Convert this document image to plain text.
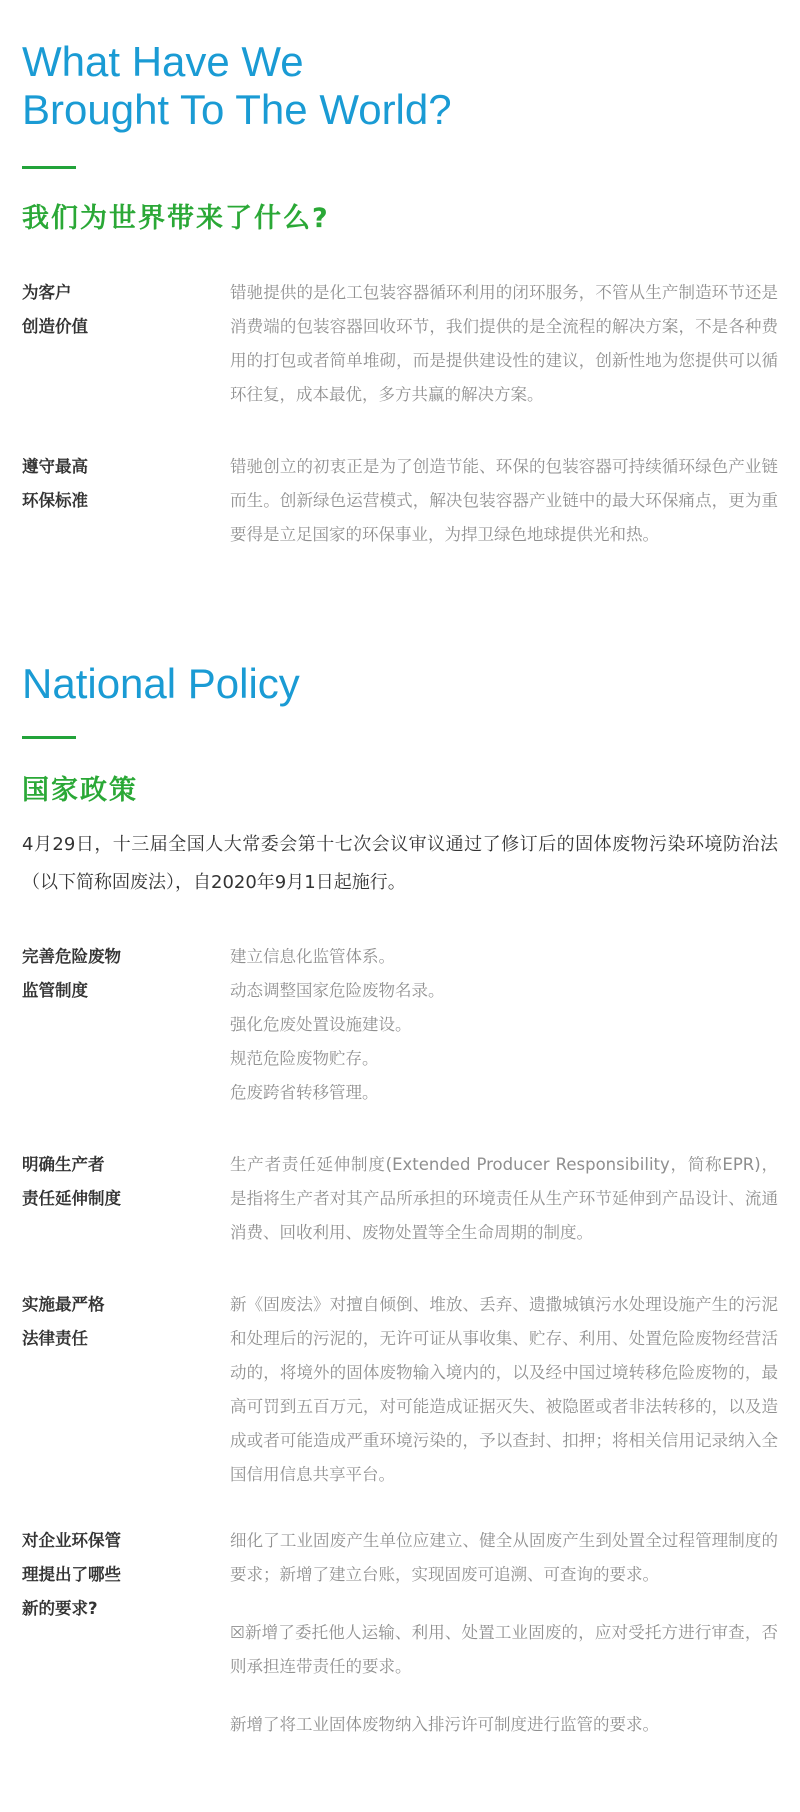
What Have We
Brought To The World?
我们为世界带来了什么?
为客户
创造价值
错驰提供的是化工包装容器循环利用的闭环服务，不管从生产制造环节还是消费端的包装容器回收环节，我们提供的是全流程的解决方案，不是各种费用的打包或者简单堆砌，而是提供建设性的建议，创新性地为您提供可以循环往复，成本最优，多方共赢的解决方案。
遵守最高
环保标准
错驰创立的初衷正是为了创造节能、环保的包装容器可持续循环绿色产业链而生。创新绿色运营模式，解决包装容器产业链中的最大环保痛点，更为重要得是立足国家的环保事业，为捍卫绿色地球提供光和热。
National Policy
国家政策
4月29日，十三届全国人大常委会第十七次会议审议通过了修订后的固体废物污染环境防治法（以下简称固废法），自2020年9月1日起施行。
完善危险废物
监管制度

建立信息化监管体系。

动态调整国家危险废物名录。

强化危废处置设施建设。

规范危险废物贮存。

危废跨省转移管理。

明确生产者
责任延伸制度
生产者责任延伸制度(Extended Producer Responsibility，简称EPR)，是指将生产者对其产品所承担的环境责任从生产环节延伸到产品设计、流通消费、回收利用、废物处置等全生命周期的制度。
实施最严格
法律责任
新《固废法》对擅自倾倒、堆放、丢弃、遗撒城镇污水处理设施产生的污泥和处理后的污泥的，无许可证从事收集、贮存、利用、处置危险废物经营活动的，将境外的固体废物输入境内的，以及经中国过境转移危险废物的，最高可罚到五百万元，对可能造成证据灭失、被隐匿或者非法转移的，以及造成或者可能造成严重环境污染的，予以查封、扣押；将相关信用记录纳入全国信用信息共享平台。
对企业环保管
理提出了哪些
新的要求?

细化了工业固废产生单位应建立、健全从固废产生到处置全过程管理制度的要求；新增了建立台账，实现固废可追溯、可查询的要求。

☒新增了委托他人运输、利用、处置工业固废的，应对受托方进行审查，否则承担连带责任的要求。

新增了将工业固体废物纳入排污许可制度进行监管的要求。
